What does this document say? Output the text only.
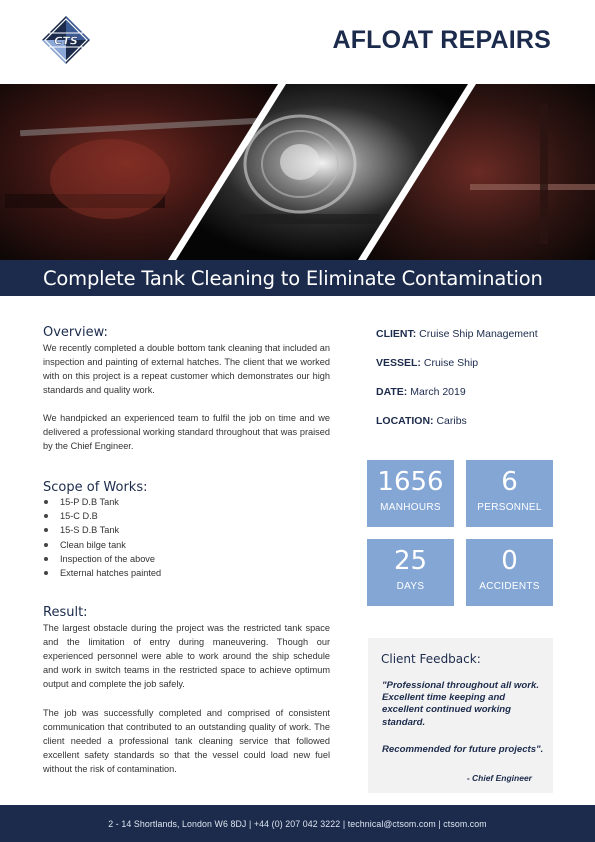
CTS	AFLOAT REPAIRS
Complete Tank Cleaning to Eliminate Contamination
Overview:
We recently completed a double bottom tank cleaning that included an inspection and painting of external hatches. The client that we worked with on this project is a repeat customer which demonstrates our high standards and quality work.
We handpicked an experienced team to fulfil the job on time and we delivered a professional working standard throughout that was praised by the Chief Engineer.
Scope of Works:
15-P D.B Tank
15-C D.B
15-S D.B Tank
Clean bilge tank
Inspection of the above
External hatches painted
Result:
The largest obstacle during the project was the restricted tank space and the limitation of entry during maneuvering. Though our experienced personnel were able to work around the ship schedule and work in switch teams in the restricted space to achieve optimum output and complete the job safely.
The job was successfully completed and comprised of consistent communication that contributed to an outstanding quality of work. The client needed a professional tank cleaning service that followed excellent safety standards so that the vessel could load new fuel without the risk of contamination.
CLIENT: Cruise Ship Management
VESSEL: Cruise Ship
DATE: March 2019
LOCATION: Caribs
1656
MANHOURS
6
PERSONNEL
25
DAYS
0
ACCIDENTS
Client Feedback:
"Professional throughout all work. Excellent time keeping and excellent continued working standard.
Recommended for future projects".
- Chief Engineer
2 - 14 Shortlands, London W6 8DJ | +44 (0) 207 042 3222 | technical@ctsom.com | ctsom.com
